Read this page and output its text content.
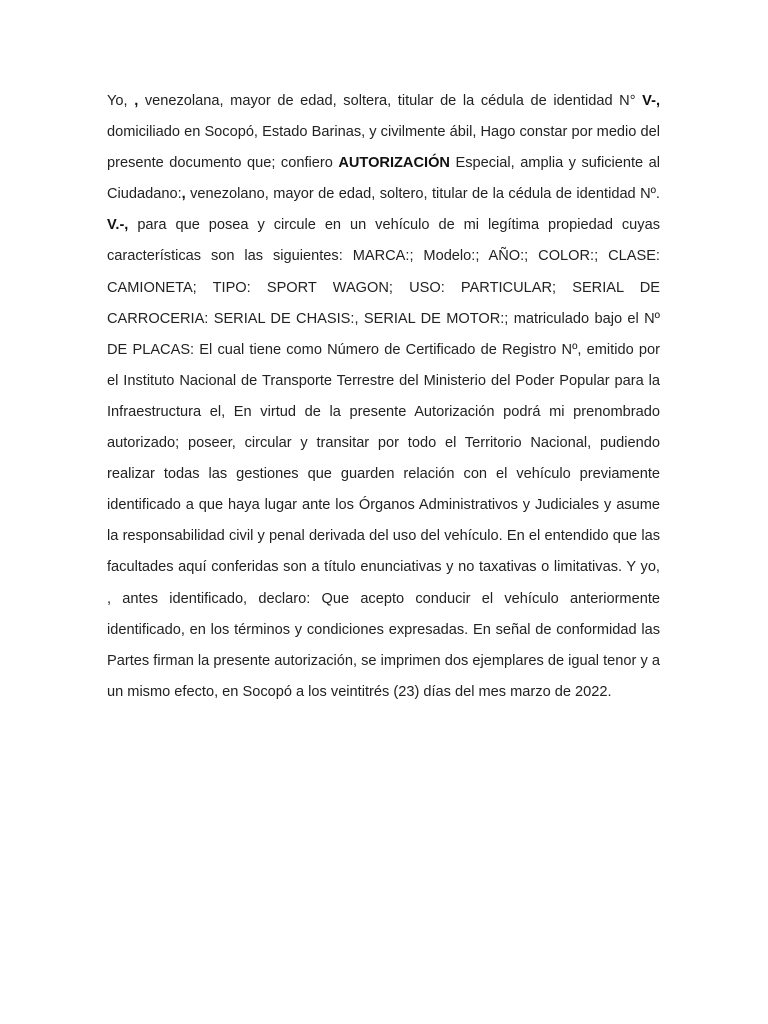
Yo, , venezolana, mayor de edad, soltera, titular de la cédula de identidad N° V-, domiciliado en Socopó, Estado Barinas, y civilmente ábil, Hago constar por medio del presente documento que; confiero AUTORIZACIÓN Especial, amplia y suficiente al Ciudadano:, venezolano, mayor de edad, soltero, titular de la cédula de identidad Nº. V.-, para que posea y circule en un vehículo de mi legítima propiedad cuyas características son las siguientes: MARCA:; Modelo:; AÑO:; COLOR:; CLASE: CAMIONETA; TIPO: SPORT WAGON; USO: PARTICULAR; SERIAL DE CARROCERIA: SERIAL DE CHASIS:, SERIAL DE MOTOR:; matriculado bajo el Nº DE PLACAS: El cual tiene como Número de Certificado de Registro Nº, emitido por el Instituto Nacional de Transporte Terrestre del Ministerio del Poder Popular para la Infraestructura el, En virtud de la presente Autorización podrá mi prenombrado autorizado; poseer, circular y transitar por todo el Territorio Nacional, pudiendo realizar todas las gestiones que guarden relación con el vehículo previamente identificado a que haya lugar ante los Órganos Administrativos y Judiciales y asume la responsabilidad civil y penal derivada del uso del vehículo. En el entendido que las facultades aquí conferidas son a título enunciativas y no taxativas o limitativas. Y yo, , antes identificado, declaro: Que acepto conducir el vehículo anteriormente identificado, en los términos y condiciones expresadas. En señal de conformidad las Partes firman la presente autorización, se imprimen dos ejemplares de igual tenor y a un mismo efecto, en Socopó a los veintitrés (23) días del mes marzo de 2022.
